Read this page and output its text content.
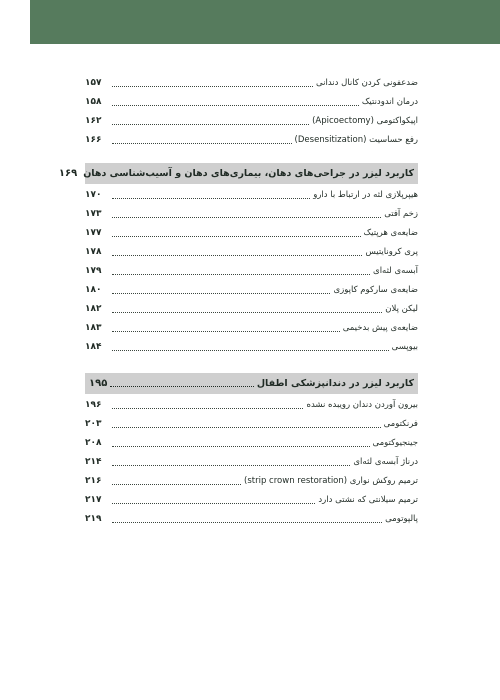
ضدعفونی کردن کانال دندانی
۱۵۷
درمان اندودنتیک
۱۵۸
اپیکواکتومی (Apicoectomy)
۱۶۲
رفع حساسیت (Desensitization)
۱۶۶
کاربرد لیزر در جراحی‌های دهان، بیماری‌های دهان و آسیب‌شناسی دهان
۱۶۹
هیپرپلازی لثه در ارتباط با دارو
۱۷۰
زخم آفتی
۱۷۳
ضایعه‌ی هرپتیک
۱۷۷
پری کرونایتیس
۱۷۸
آبسه‌ی لثه‌ای
۱۷۹
ضایعه‌ی سارکوم کاپوزی
۱۸۰
لیکن پلان
۱۸۲
ضایعه‌ی پیش بدخیمی
۱۸۳
بیوپسی
۱۸۴
کاربرد لیزر در دندانپزشکی اطفال
۱۹۵
بیرون آوردن دندان رویبده نشده
۱۹۶
فرنکتومی
۲۰۳
جینجیوکتومی
۲۰۸
درناژ آبسه‌ی لثه‌ای
۲۱۴
ترمیم روکش نواری (strip crown restoration)
۲۱۶
ترمیم سیلانتی که نشتی دارد
۲۱۷
پالپوتومی
۲۱۹
